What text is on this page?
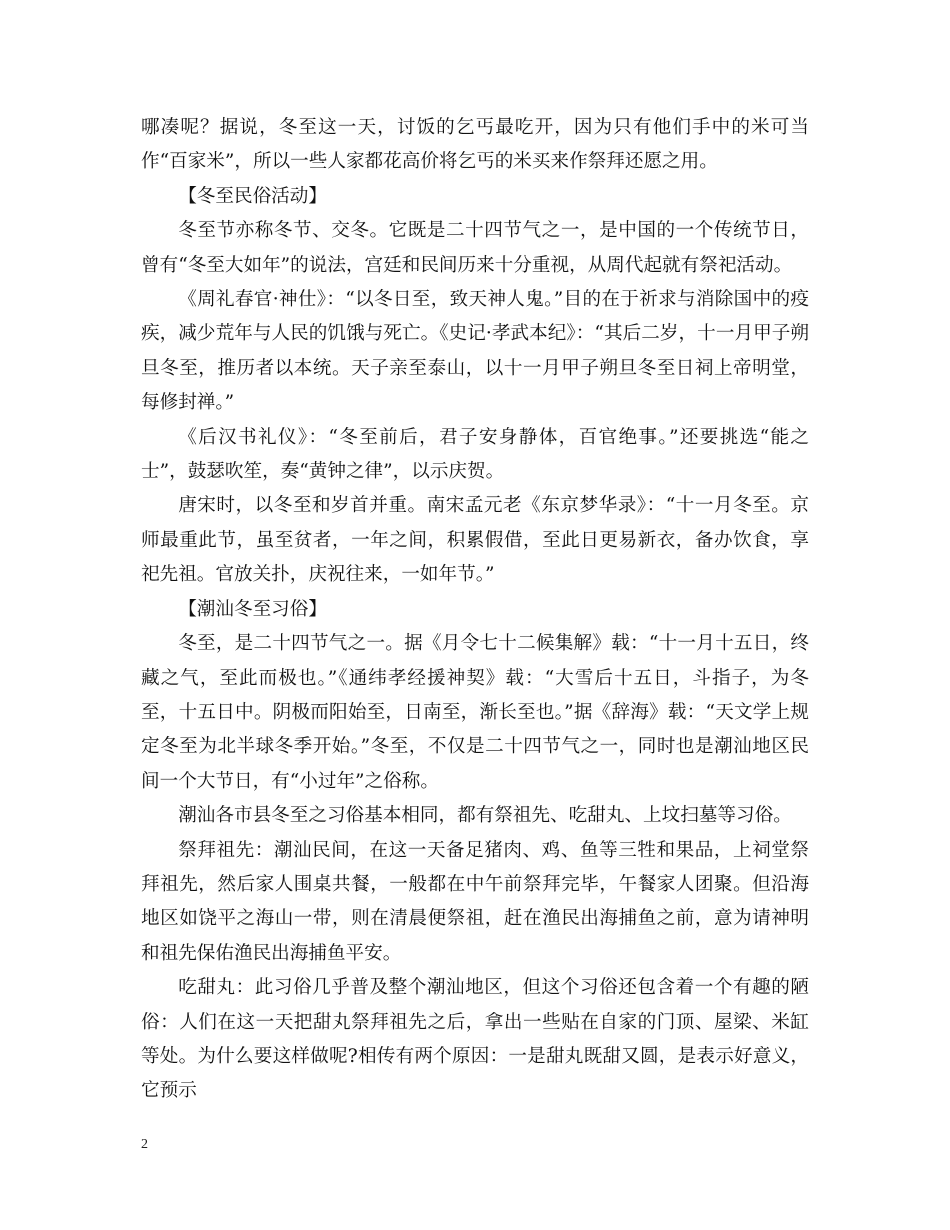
哪凑呢？据说，冬至这一天，讨饭的乞丐最吃开，因为只有他们手中的米可当作“百家米”，所以一些人家都花高价将乞丐的米买来作祭拜还愿之用。

【冬至民俗活动】

冬至节亦称冬节、交冬。它既是二十四节气之一，是中国的一个传统节日，曾有“冬至大如年”的说法，宫廷和民间历来十分重视，从周代起就有祭祀活动。

《周礼春官·神仕》：“以冬日至，致天神人鬼。”目的在于祈求与消除国中的疫疾，减少荒年与人民的饥饿与死亡。《史记·孝武本纪》：“其后二岁，十一月甲子朔旦冬至，推历者以本统。天子亲至泰山，以十一月甲子朔旦冬至日祠上帝明堂，每修封禅。”

《后汉书礼仪》：“冬至前后，君子安身静体，百官绝事。”还要挑选“能之士”，鼓瑟吹笙，奏“黄钟之律”，以示庆贺。

唐宋时，以冬至和岁首并重。南宋孟元老《东京梦华录》：“十一月冬至。京师最重此节，虽至贫者，一年之间，积累假借，至此日更易新衣，备办饮食，享祀先祖。官放关扑，庆祝往来，一如年节。”

【潮汕冬至习俗】

冬至，是二十四节气之一。据《月令七十二候集解》载：“十一月十五日，终藏之气，至此而极也。”《通纬孝经援神契》载：“大雪后十五日，斗指子，为冬至，十五日中。阴极而阳始至，日南至，渐长至也。”据《辞海》载：“天文学上规定冬至为北半球冬季开始。”冬至，不仅是二十四节气之一，同时也是潮汕地区民间一个大节日，有“小过年”之俗称。

潮汕各市县冬至之习俗基本相同，都有祭祖先、吃甜丸、上坟扫墓等习俗。

祭拜祖先：潮汕民间，在这一天备足猪肉、鸡、鱼等三牲和果品，上祠堂祭拜祖先，然后家人围桌共餐，一般都在中午前祭拜完毕，午餐家人团聚。但沿海地区如饶平之海山一带，则在清晨便祭祖，赶在渔民出海捕鱼之前，意为请神明和祖先保佑渔民出海捕鱼平安。

吃甜丸：此习俗几乎普及整个潮汕地区，但这个习俗还包含着一个有趣的陋俗：人们在这一天把甜丸祭拜祖先之后，拿出一些贴在自家的门顶、屋梁、米缸等处。为什么要这样做呢?相传有两个原因：一是甜丸既甜又圆，是表示好意义，它预示

2
